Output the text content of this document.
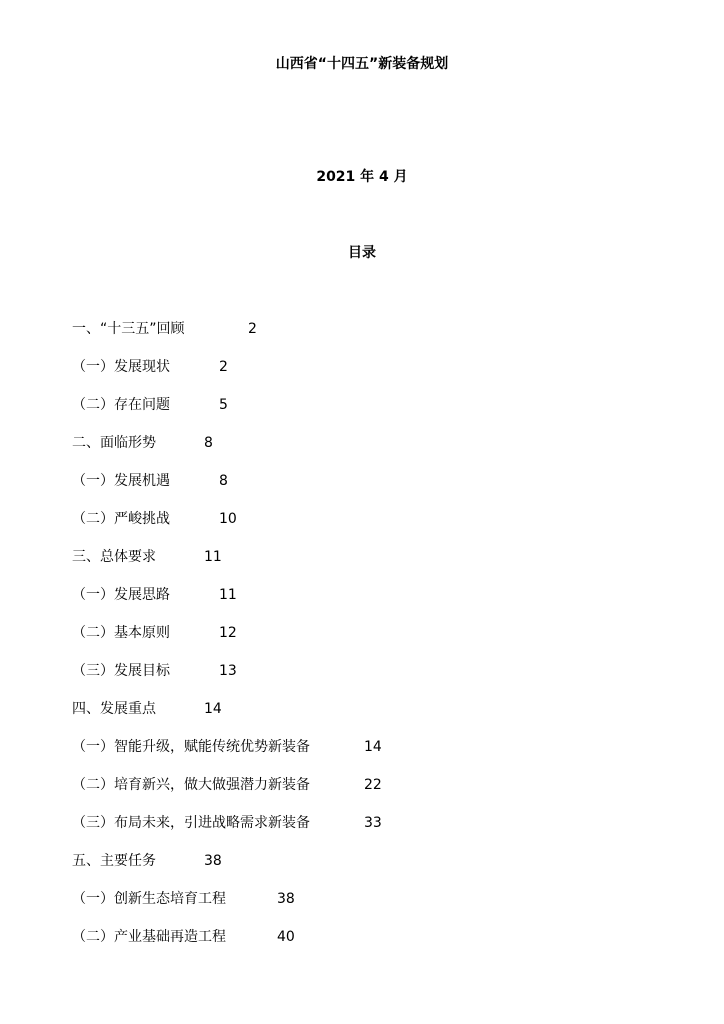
山西省“十四五”新装备规划
2021 年 4 月
目录
一、“十三五”回顾	2
（一）发展现状	2
（二）存在问题	5
二、面临形势	8
（一）发展机遇	8
（二）严峻挑战	10
三、总体要求	11
（一）发展思路	11
（二）基本原则	12
（三）发展目标	13
四、发展重点	14
（一）智能升级，赋能传统优势新装备	14
（二）培育新兴，做大做强潜力新装备	22
（三）布局未来，引进战略需求新装备	33
五、主要任务	38
（一）创新生态培育工程	38
（二）产业基础再造工程	40
